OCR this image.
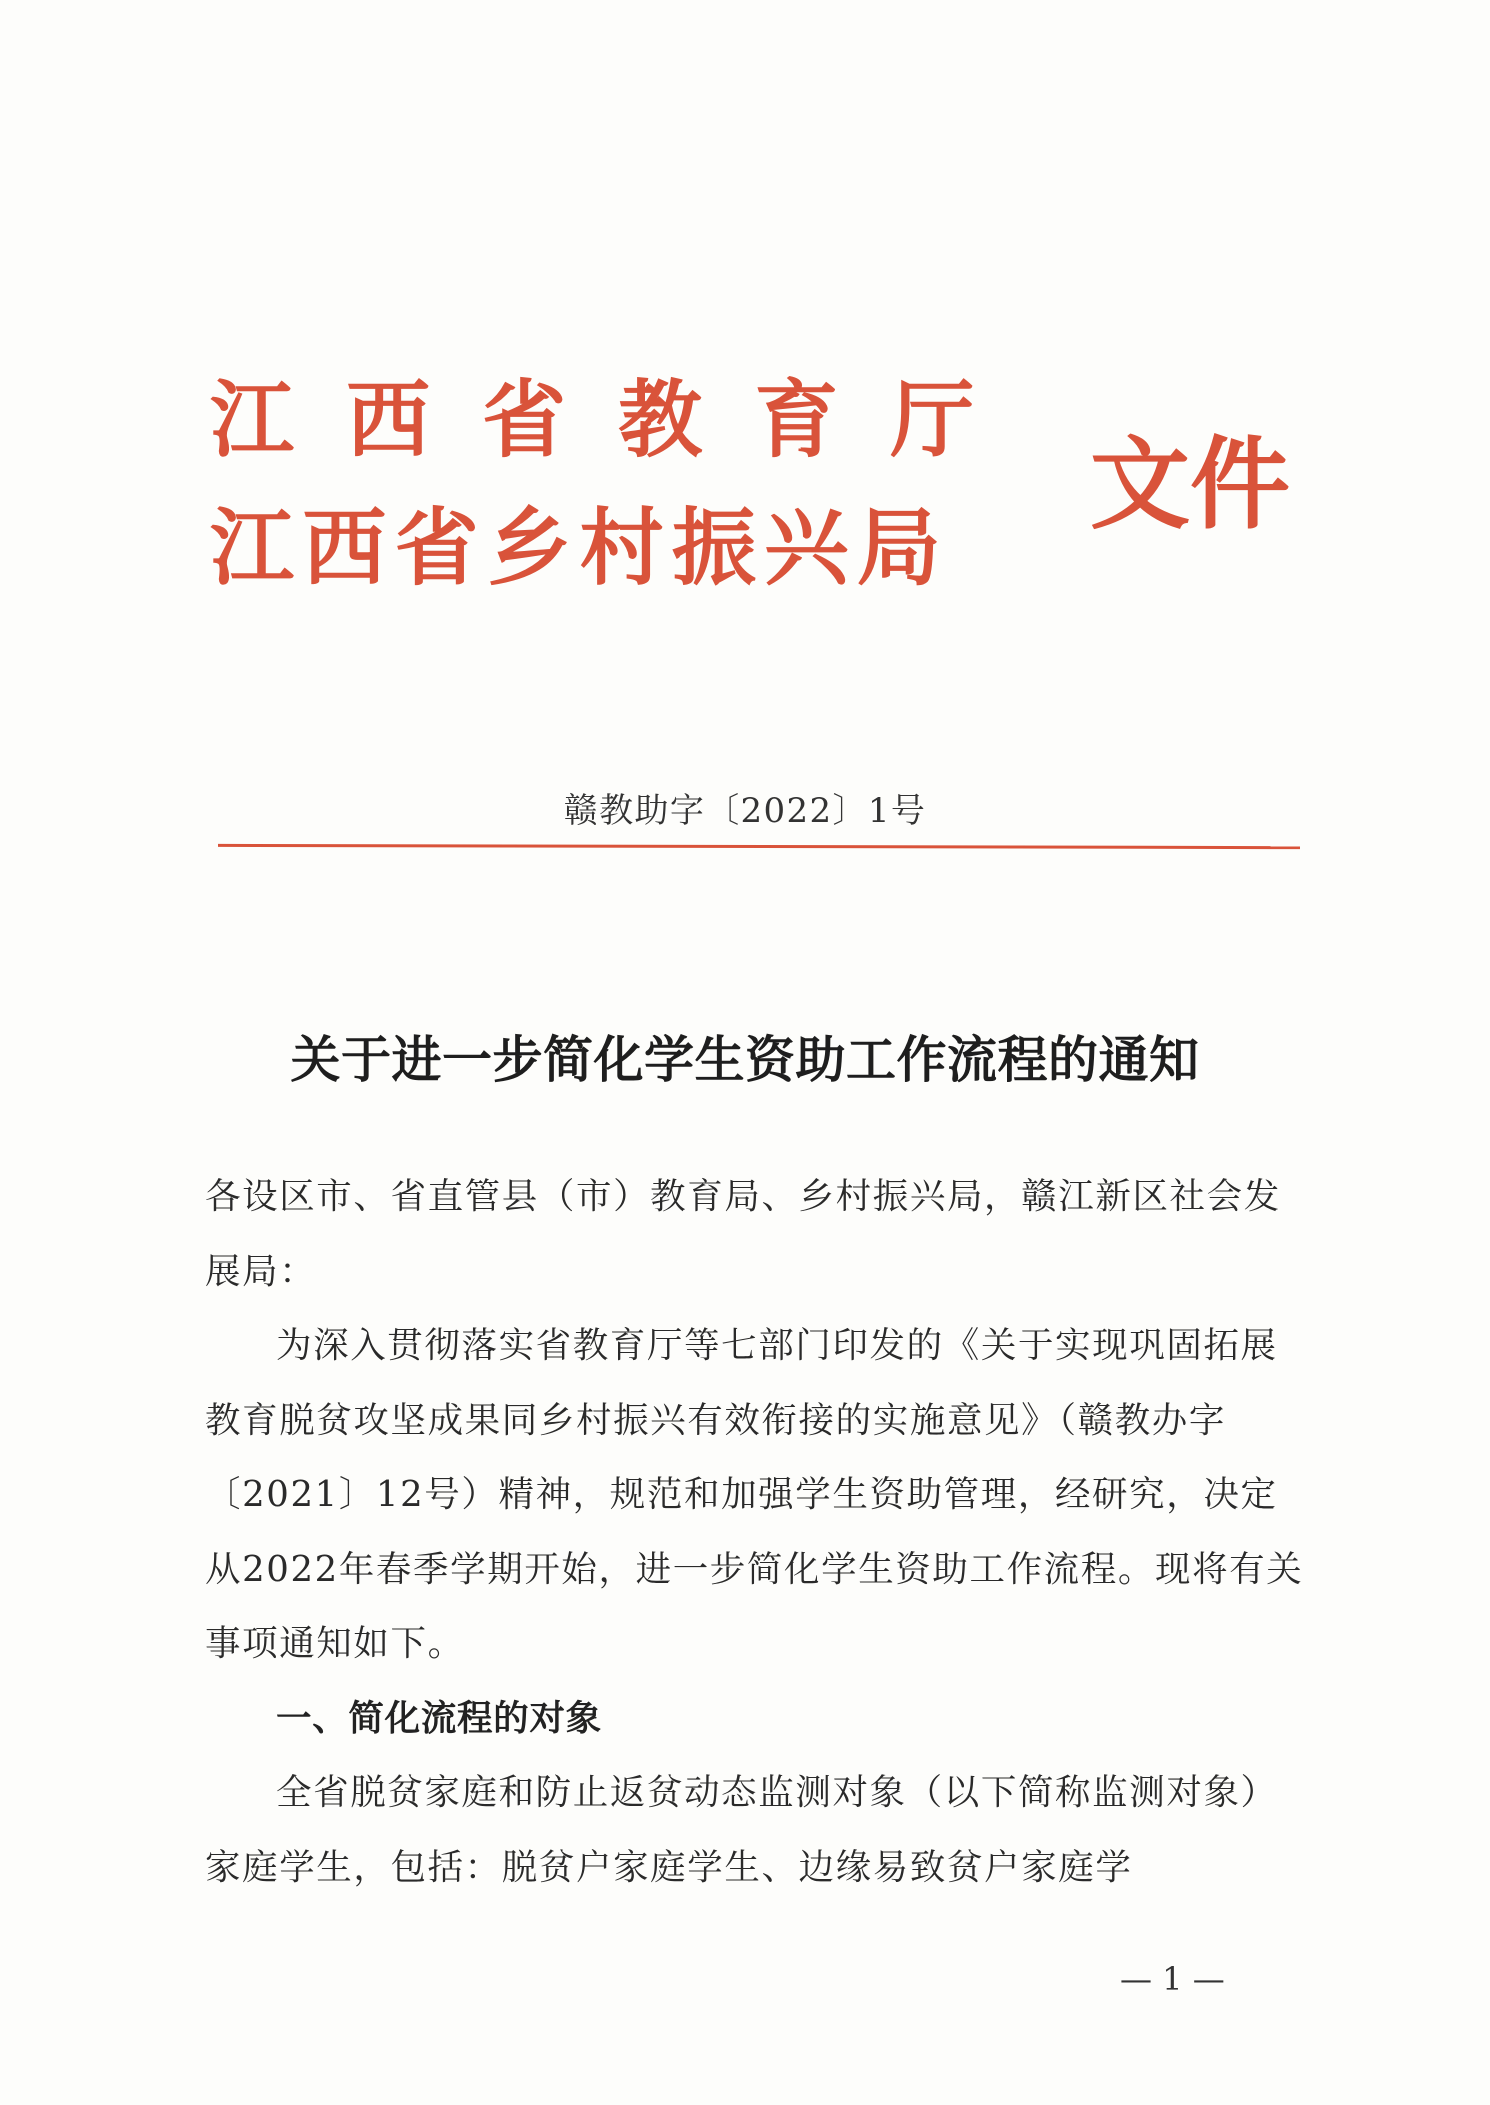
江西省教育厅
江西省乡村振兴局
文件
赣教助字〔2022〕1号
关于进一步简化学生资助工作流程的通知

各设区市、省直管县（市）教育局、乡村振兴局，赣江新区社会发展局：

为深入贯彻落实省教育厅等七部门印发的《关于实现巩固拓展教育脱贫攻坚成果同乡村振兴有效衔接的实施意见》（赣教办字〔2021〕12号）精神，规范和加强学生资助管理，经研究，决定从2022年春季学期开始，进一步简化学生资助工作流程。现将有关事项通知如下。

一、简化流程的对象

全省脱贫家庭和防止返贫动态监测对象（以下简称监测对象）家庭学生，包括：脱贫户家庭学生、边缘易致贫户家庭学

— 1 —
